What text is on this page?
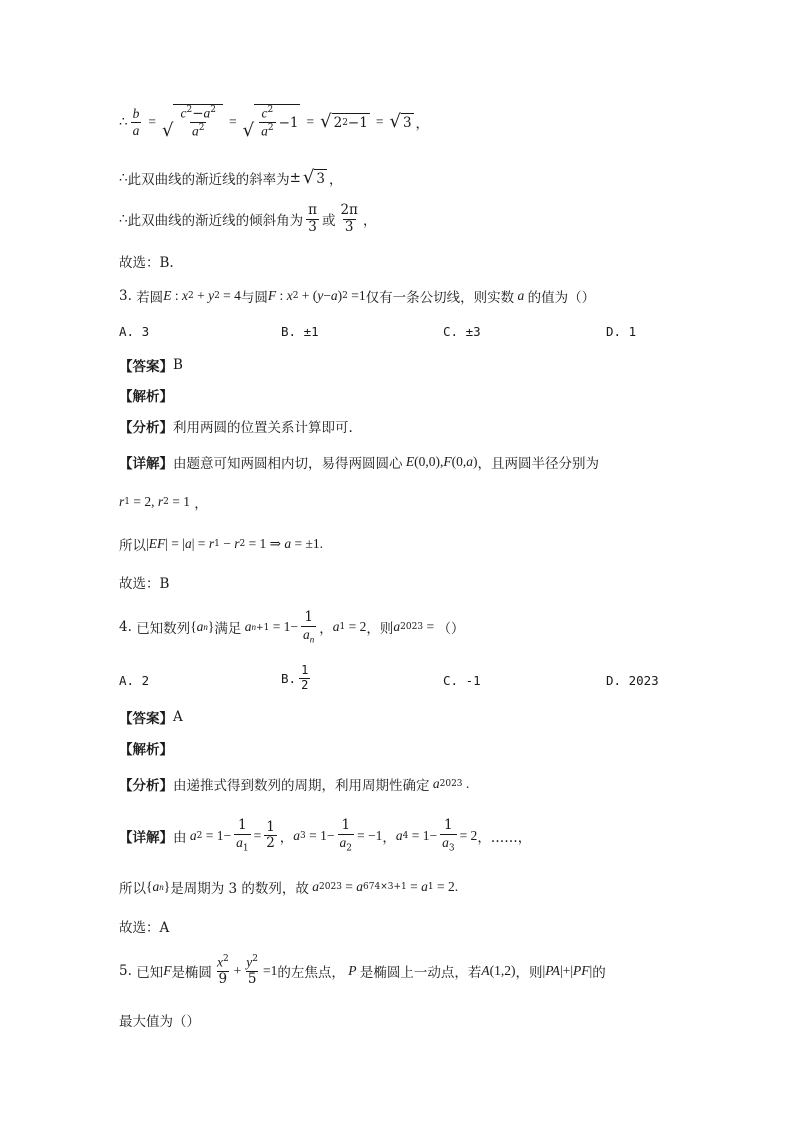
∴ $\frac{b}{a}$ = √ $\frac{c^2-a^2}{a^2}$ = √ $\frac{c^2}{a^2} -1$ = √ 2 2 −1 = √ 3 ，
∴ 此双曲线的渐近线的斜率为 ± √ 3 ，
∴ 此双曲线的渐近线的倾斜角为 $\frac{\pi}{3}$ 或 $\frac{2\pi}{3}$ ，
故选：B.
3.
若圆 E : x 2 + y 2 = 4 与圆 F : x 2 + ( y − a ) 2 =1 仅有一条公切线，则实数 a 的值为（）
A. 3	B. ±1	C. ±3	D. 1
【答案】 B
【解析】
【分析】 利用两圆的位置关系计算即可.
【详解】 由题意可知两圆相内切，易得两圆圆心 E (0,0), F (0, a ) ，且两圆半径分别为
r 1 = 2, r 2 = 1 ，
所以 | EF | = | a | = r 1 − r 2 = 1 ⇒ a = ±1.
故选：B
4.
已知数列 { a n } 满足 a $n+1 = 1- \frac{1}{a_n}$ ， a 1 = 2 ，则 a 2023 = （）
A. 2	B. $\frac{1}{2}$	C. -1	D. 2023
【答案】 A
【解析】
【分析】 由递推式得到数列的周期，利用周期性确定 a 2023 .
【详解】 由 a $2 = 1- \frac{1}{a_1} = \frac{1}{2}$ ， a $3 = 1- \frac{1}{a_2} = -1$ ， a $4 = 1- \frac{1}{a_3} = 2$ ，……，
所以 { a n } 是周期为 3 的数列，故 a 2023 = a 674×3+1 = a 1 = 2.
故选：A
5.
已知 F 是椭圆 $\frac{x^2}{9} + \frac{y^2}{5} =1$ 的左焦点， P 是椭圆上一动点，若 A (1,2) ，则 | PA |+| PF | 的
最大值为（）
